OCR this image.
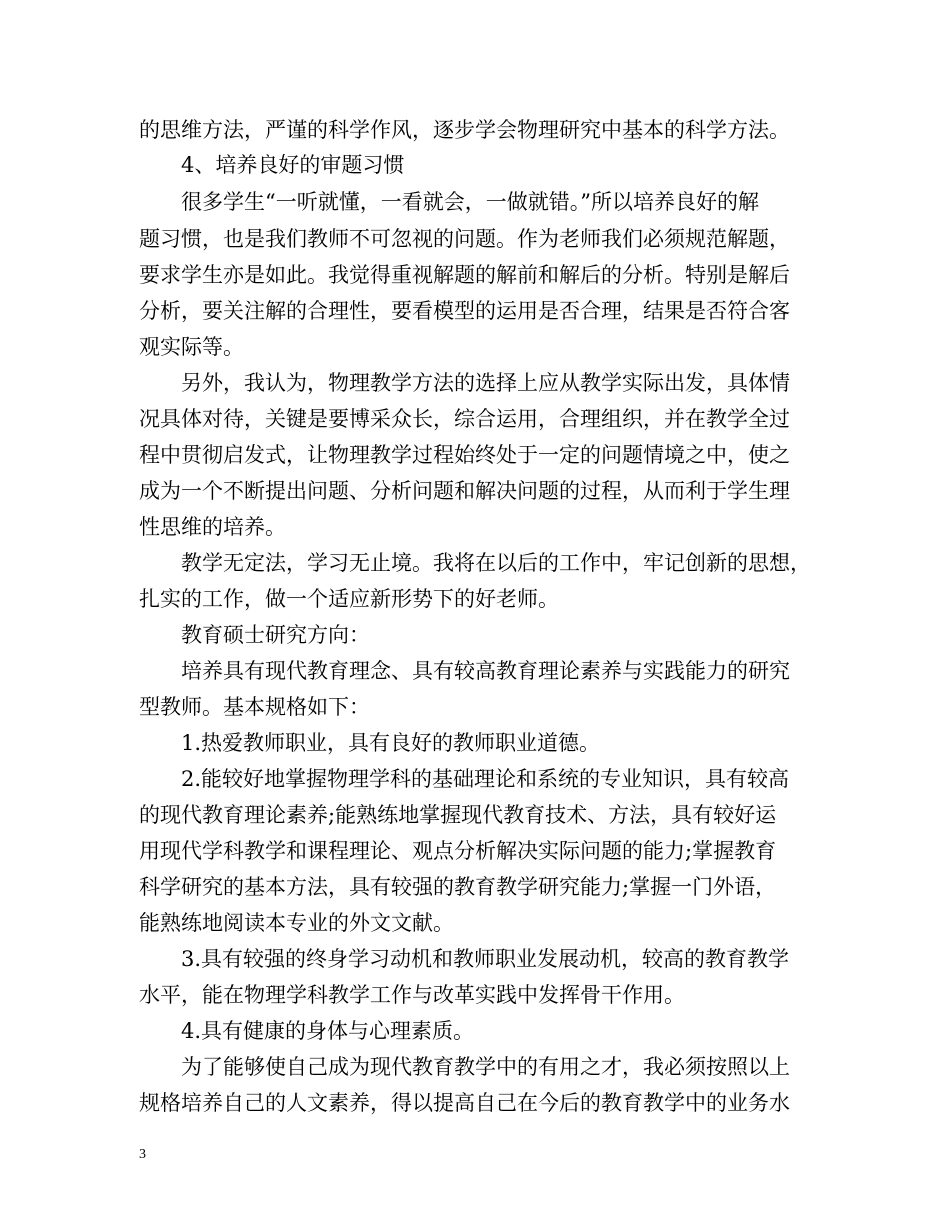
的思维方法，严谨的科学作风，逐步学会物理研究中基本的科学方法。
　　4、培养良好的审题习惯
　　很多学生“一听就懂，一看就会，一做就错。”所以培养良好的解
题习惯，也是我们教师不可忽视的问题。作为老师我们必须规范解题，
要求学生亦是如此。我觉得重视解题的解前和解后的分析。特别是解后
分析，要关注解的合理性，要看模型的运用是否合理，结果是否符合客
观实际等。
　　另外，我认为，物理教学方法的选择上应从教学实际出发，具体情
况具体对待，关键是要博采众长，综合运用，合理组织，并在教学全过
程中贯彻启发式，让物理教学过程始终处于一定的问题情境之中，使之
成为一个不断提出问题、分析问题和解决问题的过程，从而利于学生理
性思维的培养。
　　教学无定法，学习无止境。我将在以后的工作中，牢记创新的思想，
扎实的工作，做一个适应新形势下的好老师。
　　教育硕士研究方向：
　　培养具有现代教育理念、具有较高教育理论素养与实践能力的研究
型教师。基本规格如下：
　　1.热爱教师职业，具有良好的教师职业道德。
　　2.能较好地掌握物理学科的基础理论和系统的专业知识，具有较高
的现代教育理论素养;能熟练地掌握现代教育技术、方法，具有较好运
用现代学科教学和课程理论、观点分析解决实际问题的能力;掌握教育
科学研究的基本方法，具有较强的教育教学研究能力;掌握一门外语，
能熟练地阅读本专业的外文文献。
　　3.具有较强的终身学习动机和教师职业发展动机，较高的教育教学
水平，能在物理学科教学工作与改革实践中发挥骨干作用。
　　4.具有健康的身体与心理素质。
　　为了能够使自己成为现代教育教学中的有用之才，我必须按照以上
规格培养自己的人文素养，得以提高自己在今后的教育教学中的业务水
3
